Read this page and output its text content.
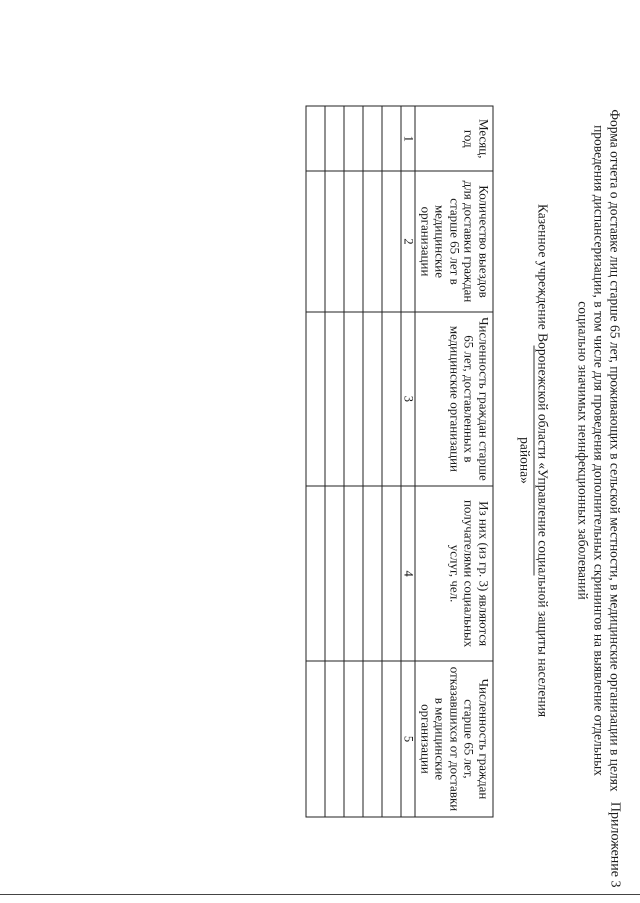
Приложение 3
Форма отчета о доставке лиц старше 65 лет, проживающих в сельской местности, в медицинские организации в целях
проведения диспансеризации, в том числе для проведения дополнительных скринингов на выявление отдельных
социально значимых неинфекционных заболеваний
Казенное учреждение Воронежской области «Управление социальной защиты населения
района»
Месяц, год	Количество выездов для доставки граждан старше 65 лет в медицинские организации	Численность граждан старше 65 лет, доставленных в медицинские организации	Из них (из гр. 3) являются получателями социальных услуг, чел.	Численность граждан старше 65 лет, отказавшихся от доставки в медицинские организации
1	2	3	4	5
